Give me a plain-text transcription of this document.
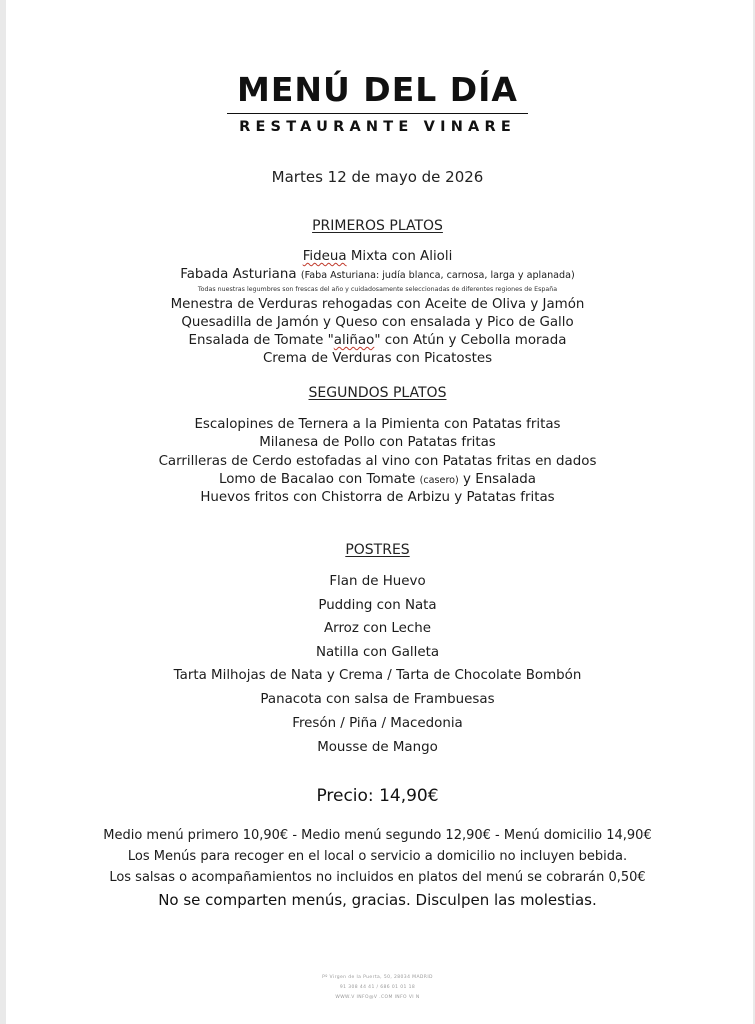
MENÚ DEL DÍA
RESTAURANTE VINARE
Martes 12 de mayo de 2026
PRIMEROS PLATOS
Fideua Mixta con Alioli
Fabada Asturiana (Faba Asturiana: judía blanca, carnosa, larga y aplanada)
Todas nuestras legumbres son frescas del año y cuidadosamente seleccionadas de diferentes regiones de España
Menestra de Verduras rehogadas con Aceite de Oliva y Jamón
Quesadilla de Jamón y Queso con ensalada y Pico de Gallo
Ensalada de Tomate "aliñao" con Atún y Cebolla morada
Crema de Verduras con Picatostes
SEGUNDOS PLATOS
Escalopines de Ternera a la Pimienta con Patatas fritas
Milanesa de Pollo con Patatas fritas
Carrilleras de Cerdo estofadas al vino con Patatas fritas en dados
Lomo de Bacalao con Tomate (casero) y Ensalada
Huevos fritos con Chistorra de Arbizu y Patatas fritas
POSTRES
Flan de Huevo
Pudding con Nata
Arroz con Leche
Natilla con Galleta
Tarta Milhojas de Nata y Crema / Tarta de Chocolate Bombón
Panacota con salsa de Frambuesas
Fresón / Piña / Macedonia
Mousse de Mango
Precio: 14,90€
Medio menú primero 10,90€ - Medio menú segundo 12,90€ - Menú domicilio 14,90€
Los Menús para recoger en el local o servicio a domicilio no incluyen bebida.
Los salsas o acompañamientos no incluidos en platos del menú se cobrarán 0,50€
No se comparten menús, gracias. Disculpen las molestias.
Pº Virgen de la Puerta, 50, 28034 MADRID
91 308 44 41 / 686 01 01 18
WWW.V INFO@V .COM INFO VI N
